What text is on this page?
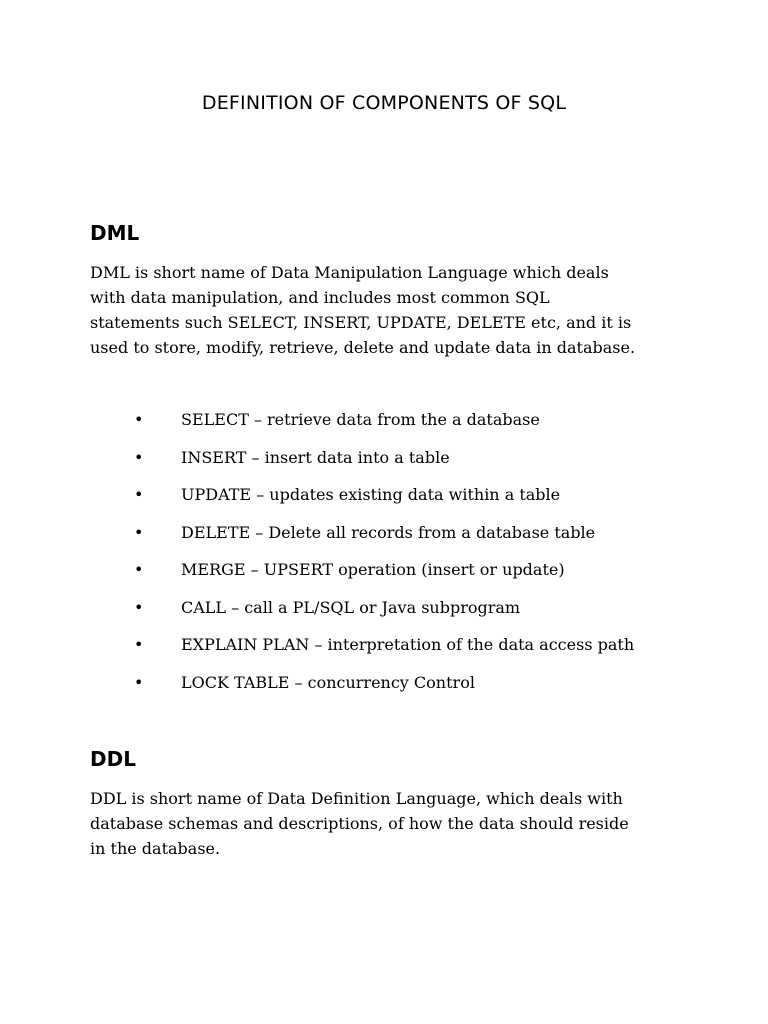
DEFINITION OF COMPONENTS OF SQL
DML
DML is short name of Data Manipulation Language which deals
with data manipulation, and includes most common SQL
statements such SELECT, INSERT, UPDATE, DELETE etc, and it is
used to store, modify, retrieve, delete and update data in database.
• SELECT – retrieve data from the a database
• INSERT – insert data into a table
• UPDATE – updates existing data within a table
• DELETE – Delete all records from a database table
• MERGE – UPSERT operation (insert or update)
• CALL – call a PL/SQL or Java subprogram
• EXPLAIN PLAN – interpretation of the data access path
• LOCK TABLE – concurrency Control
DDL
DDL is short name of Data Definition Language, which deals with
database schemas and descriptions, of how the data should reside
in the database.
